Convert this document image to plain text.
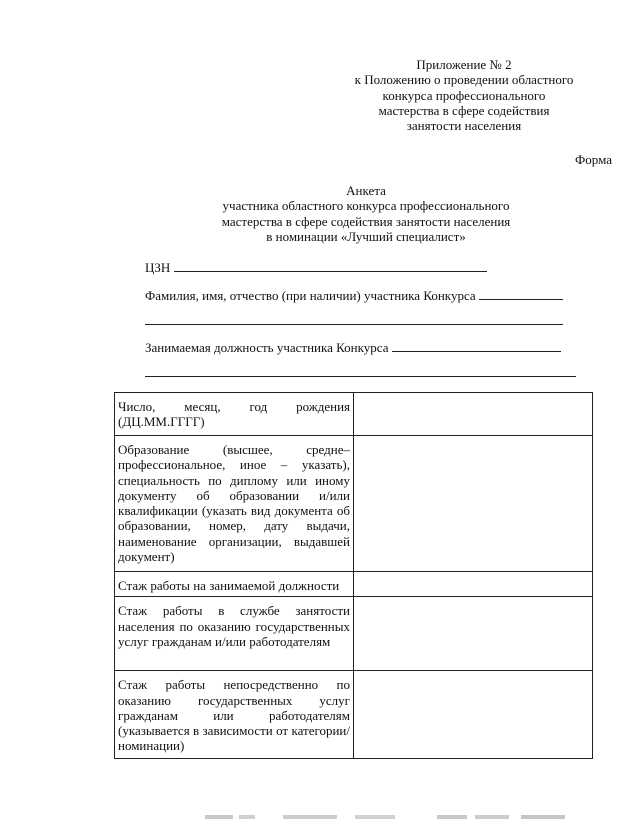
Приложение № 2
к Положению о проведении областного
конкурса профессионального
мастерства в сфере содействия
занятости населения
Форма
Анкета
участника областного конкурса профессионального
мастерства в сфере содействия занятости населения
в номинации «Лучший специалист»
ЦЗН
Фамилия, имя, отчество (при наличии) участника Конкурса
Занимаемая должность участника Конкурса
Число, месяц, год рождения (ДЦ.ММ.ГГГГ)	
Образование (высшее, средне–профессиональное, иное – указать), специальность по диплому или иному документу об образовании и/или квалификации (указать вид документа об образовании, номер, дату выдачи, наименование организации, выдавшей документ)	
Стаж работы на занимаемой должности	
Стаж работы в службе занятости населения по оказанию государственных услуг гражданам и/или работодателям	
Стаж работы непосредственно по оказанию государственных услуг гражданам или работодателям (указывается в зависимости от категории/номинации)	
